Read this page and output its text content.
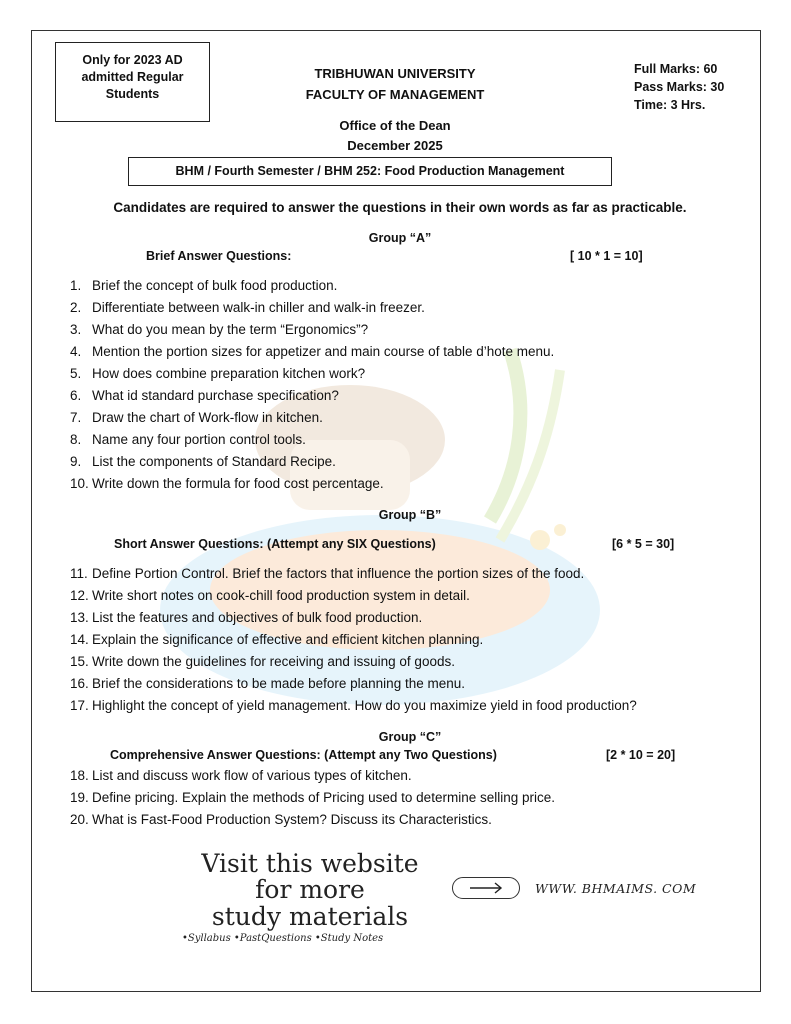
Only for 2023 AD
admitted Regular
Students
TRIBHUWAN UNIVERSITY
FACULTY OF MANAGEMENT
Office of the Dean
December 2025
Full Marks: 60
Pass Marks: 30
Time: 3 Hrs.
BHM / Fourth Semester / BHM 252: Food Production Management
Candidates are required to answer the questions in their own words as far as practicable.
Group “A”
Brief Answer Questions:	[ 10 * 1 = 10]
1. Brief the concept of bulk food production.
2. Differentiate between walk-in chiller and walk-in freezer.
3. What do you mean by the term “Ergonomics”?
4. Mention the portion sizes for appetizer and main course of table d’hote menu.
5. How does combine preparation kitchen work?
6. What id standard purchase specification?
7. Draw the chart of Work-flow in kitchen.
8. Name any four portion control tools.
9. List the components of Standard Recipe.
10. Write down the formula for food cost percentage.
Group “B”
Short Answer Questions: (Attempt any SIX Questions)	[6 * 5 = 30]
11. Define Portion Control. Brief the factors that influence the portion sizes of the food.
12. Write short notes on cook-chill food production system in detail.
13. List the features and objectives of bulk food production.
14. Explain the significance of effective and efficient kitchen planning.
15. Write down the guidelines for receiving and issuing of goods.
16. Brief the considerations to be made before planning the menu.
17. Highlight the concept of yield management. How do you maximize yield in food production?
Group “C”
Comprehensive Answer Questions: (Attempt any Two Questions)	[2 * 10 = 20]
18. List and discuss work flow of various types of kitchen.
19. Define pricing. Explain the methods of Pricing used to determine selling price.
20. What is Fast-Food Production System? Discuss its Characteristics.
Visit this website
for more
study materials
•Syllabus •PastQuestions •Study Notes
WWW. BHMAIMS. COM
